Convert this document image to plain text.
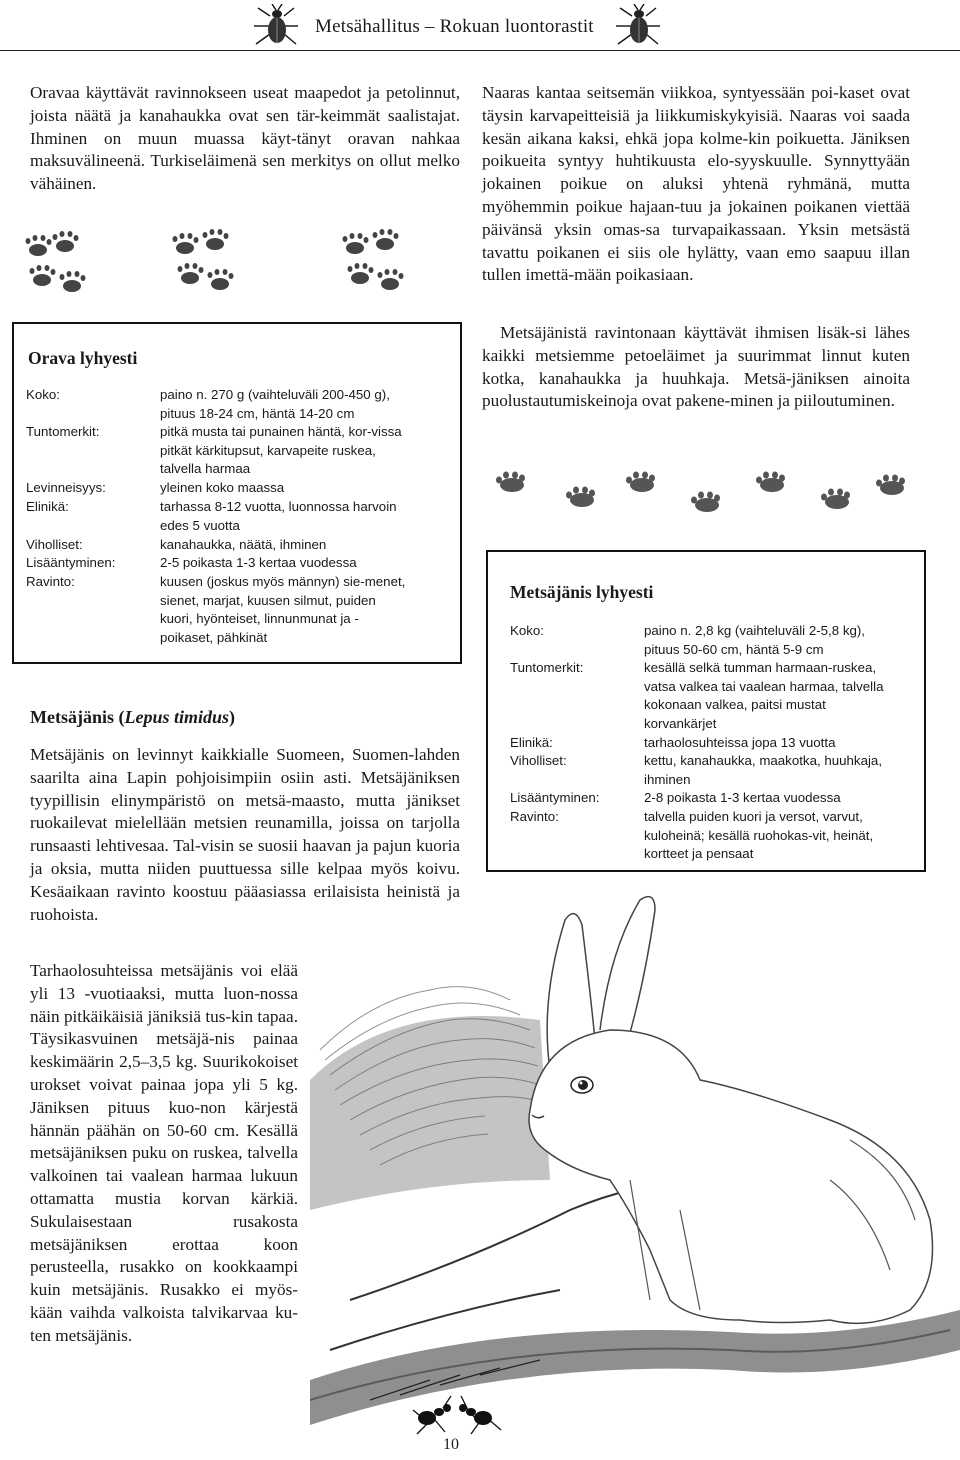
Metsähallitus – Rokuan luontorastit

Oravaa käyttävät ravinnokseen useat maapedot ja petolinnut, joista näätä ja kanahaukka ovat sen tär-keimmät saalistajat. Ihminen on muun muassa käyt-tänyt oravan nahkaa maksuvälineenä. Turkiseläimenä sen merkitys on ollut melko vähäinen.

Orava lyhyesti
Koko:	paino n. 270 g (vaihteluväli 200-450 g), pituus 18-24 cm, häntä 14-20 cm
Tuntomerkit:	pitkä musta tai punainen häntä, kor-vissa pitkät kärkitupsut, karvapeite ruskea, talvella harmaa
Levinneisyys:	yleinen koko maassa
Elinikä:	tarhassa 8-12 vuotta, luonnossa harvoin edes 5 vuotta
Viholliset:	kanahaukka, näätä, ihminen
Lisääntyminen:	2-5 poikasta 1-3 kertaa vuodessa
Ravinto:	kuusen (joskus myös männyn) sie-menet, sienet, marjat, kuusen silmut, puiden kuori, hyönteiset, linnunmunat ja -poikaset, pähkinät
Metsäjänis (Lepus timidus)

Metsäjänis on levinnyt kaikkialle Suomeen, Suomen-lahden saarilta aina Lapin pohjoisimpiin osiin asti. Metsäjäniksen tyypillisin elinympäristö on metsä-maasto, mutta jänikset ruokailevat mielellään metsien reunamilla, joissa on tarjolla runsaasti lehtivesaa. Tal-visin se suosii haavan ja pajun kuoria ja oksia, mutta niiden puuttuessa sille kelpaa myös koivu. Kesäaikaan ravinto koostuu pääasiassa erilaisista heinistä ja ruohoista.

Tarhaolosuhteissa metsäjänis voi elää yli 13 -vuotiaaksi, mutta luon-nossa näin pitkäikäisiä jäniksiä tus-kin tapaa. Täysikasvuinen metsäjä-nis painaa keskimäärin 2,5–3,5 kg. Suurikokoiset urokset voivat painaa jopa yli 5 kg. Jäniksen pituus kuo-non kärjestä hännän päähän on 50-60 cm. Kesällä metsäjäniksen puku on ruskea, talvella valkoinen tai vaalean harmaa lukuun ottamatta mustia korvan kärkiä. Sukulaisestaan rusakosta metsäjäniksen erottaa koon perusteella, rusakko on kookkaampi kuin metsäjänis. Rusakko ei myös-kään vaihda valkoista talvikarvaa ku-ten metsäjänis.

Naaras kantaa seitsemän viikkoa, syntyessään poi-kaset ovat täysin karvapeitteisiä ja liikkumiskykyisiä. Naaras voi saada kesän aikana kaksi, ehkä jopa kolme-kin poikuetta. Jäniksen poikueita syntyy huhtikuusta elo-syyskuulle. Synnyttyään jokainen poikue on aluksi yhtenä ryhmänä, mutta myöhemmin poikue hajaan-tuu ja jokainen poikanen viettää päivänsä yksin omas-sa turvapaikassaan. Yksin metsästä tavattu poikanen ei siis ole hylätty, vaan emo saapuu illan tullen imettä-mään poikasiaan.

Metsäjänistä ravintonaan käyttävät ihmisen lisäk-si lähes kaikki metsiemme petoeläimet ja suurimmat linnut kuten kotka, kanahaukka ja huuhkaja. Metsä-jäniksen ainoita puolustautumiskeinoja ovat pakene-minen ja piiloutuminen.

Metsäjänis lyhyesti
Koko:	paino n. 2,8 kg (vaihteluväli 2-5,8 kg), pituus 50-60 cm, häntä 5-9 cm
Tuntomerkit:	kesällä selkä tumman harmaan-ruskea, vatsa valkea tai vaalean harmaa, talvella kokonaan valkea, paitsi mustat korvankärjet
Elinikä:	tarhaolosuhteissa jopa 13 vuotta
Viholliset:	kettu, kanahaukka, maakotka, huuhkaja, ihminen
Lisääntyminen:	2-8 poikasta 1-3 kertaa vuodessa
Ravinto:	talvella puiden kuori ja versot, varvut, kuloheinä; kesällä ruohokas-vit, heinät, kortteet ja pensaat
10
